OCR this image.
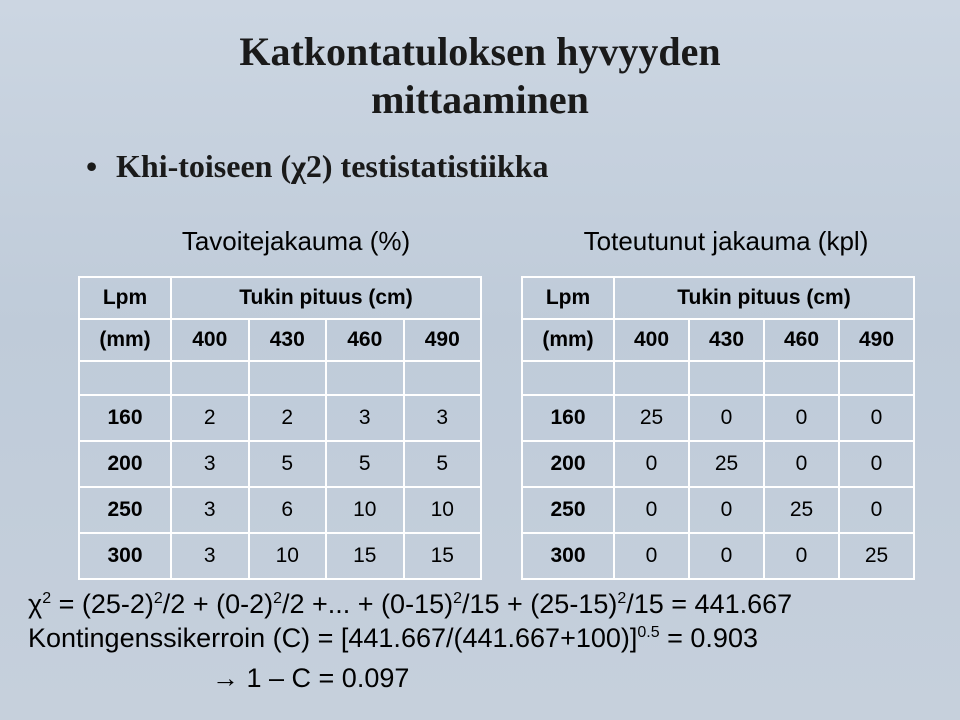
Katkontatuloksen hyvyyden
mittaaminen
• Khi-toiseen (χ2) testistatistiikka
Tavoitejakauma (%)	Toteutunut jakauma (kpl)
Lpm	Tukin pituus (cm)			
(mm)	400	430	460	490

160	2	2	3	3
200	3	5	5	5
250	3	6	10	10
300	3	10	15	15
Lpm	Tukin pituus (cm)			
(mm)	400	430	460	490

160	25	0	0	0
200	0	25	0	0
250	0	0	25	0
300	0	0	0	25
$\chi^2 = (25-2)^2/2 + (0-2)^2/2$ +... + $(0-15)^2/15 + (25-15)^2/15 = 441.667$
Kontingenssikerroin $(C) = [441.667/(441.667+100)]^{0.5} = 0.903$
→ 1 – C = 0.097
